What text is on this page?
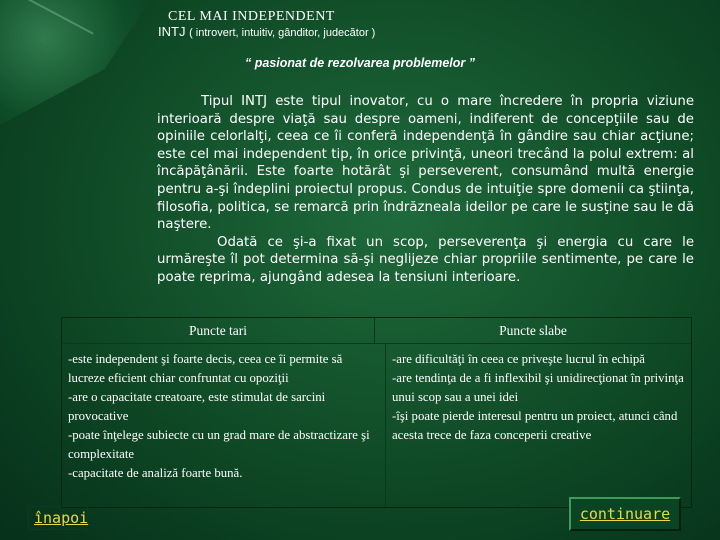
CEL MAI INDEPENDENT
INTJ ( introvert, intuitiv, gânditor, judecător )
“ pasionat de rezolvarea problemelor ”

Tipul INTJ este tipul inovator, cu o mare încredere în propria viziune interioară despre viaţă sau despre oameni, indiferent de concepţiile sau de opiniile celorlalţi, ceea ce îi conferă independenţă în gândire sau chiar acţiune; este cel mai independent tip, în orice privinţă, uneori trecând la polul extrem: al încăpăţânării. Este foarte hotărât şi perseverent, consumând multă energie pentru a-şi îndeplini proiectul propus. Condus de intuiţie spre domenii ca ştiinţa, filosofia, politica, se remarcă prin îndrăzneala ideilor pe care le susţine sau le dă naştere.

Odată ce şi-a fixat un scop, perseverenţa şi energia cu care le urmăreşte îl pot determina să-şi neglijeze chiar propriile sentimente, pe care le poate reprima, ajungând adesea la tensiuni interioare.

Puncte tari	Puncte slabe
-este independent şi foarte decis, ceea ce îi permite să lucreze eficient chiar confruntat cu opoziţii
-are o capacitate creatoare, este stimulat de sarcini provocative
-poate înţelege subiecte cu un grad mare de abstractizare şi complexitate
-capacitate de analiză foarte bună.
-are dificultăţi în ceea ce priveşte lucrul în echipă
-are tendinţa de a fi inflexibil şi unidirecţionat în privinţa unui scop sau a unei idei
-îşi poate pierde interesul pentru un proiect, atunci când acesta trece de faza conceperii creative
înapoi	continuare
